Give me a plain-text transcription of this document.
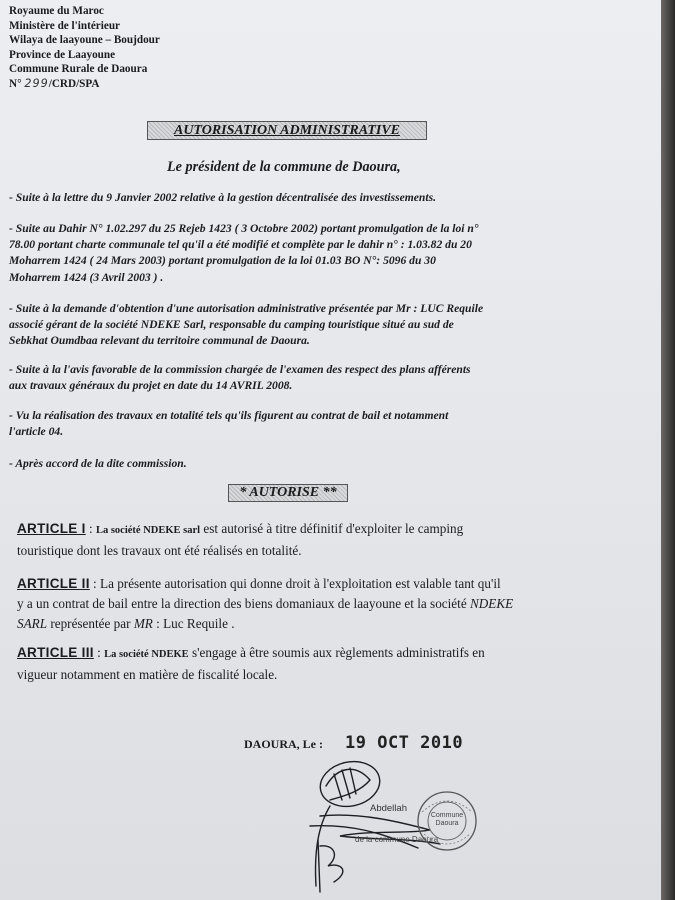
Royaume du Maroc
Ministère de l'intérieur
Wilaya de laayoune – Boujdour
Province de Laayoune
Commune Rurale de Daoura
N° 299/CRD/SPA
AUTORISATION ADMINISTRATIVE
Le président de la commune de Daoura,
- Suite à la lettre du 9 Janvier 2002 relative à la gestion décentralisée des investissements.
- Suite au Dahir N° 1.02.297 du 25 Rejeb 1423 ( 3 Octobre 2002) portant promulgation de la loi n°
78.00 portant charte communale tel qu'il a été modifié et complète par le dahir n° : 1.03.82 du 20
Moharrem 1424 ( 24 Mars 2003) portant promulgation de la loi 01.03 BO N°: 5096 du 30
Moharrem 1424 (3 Avril 2003 ) .
- Suite à la demande d'obtention d'une autorisation administrative présentée par Mr : LUC Requile
associé gérant de la société NDEKE Sarl, responsable du camping touristique situé au sud de
Sebkhat Oumdbaa relevant du territoire communal de Daoura.
- Suite à la l'avis favorable de la commission chargée de l'examen des respect des plans afférents
aux travaux généraux du projet en date du 14 AVRIL 2008.
- Vu la réalisation des travaux en totalité tels qu'ils figurent au contrat de bail et notamment
l'article 04.
- Après accord de la dite commission.
* AUTORISE **
ARTICLE I : La société NDEKE sarl est autorisé à titre définitif d'exploiter le camping
touristique dont les travaux ont été réalisés en totalité.
ARTICLE II : La présente autorisation qui donne droit à l'exploitation est valable tant qu'il
y a un contrat de bail entre la direction des biens domaniaux de laayoune et la société NDEKE
SARL représentée par MR : Luc Requile .
ARTICLE III : La société NDEKE s'engage à être soumis aux règlements administratifs en
vigueur notamment en matière de fiscalité locale.
DAOURA, Le : 19 OCT 2010
Abdellah
de la commune Daoura
Commune
Daoura
